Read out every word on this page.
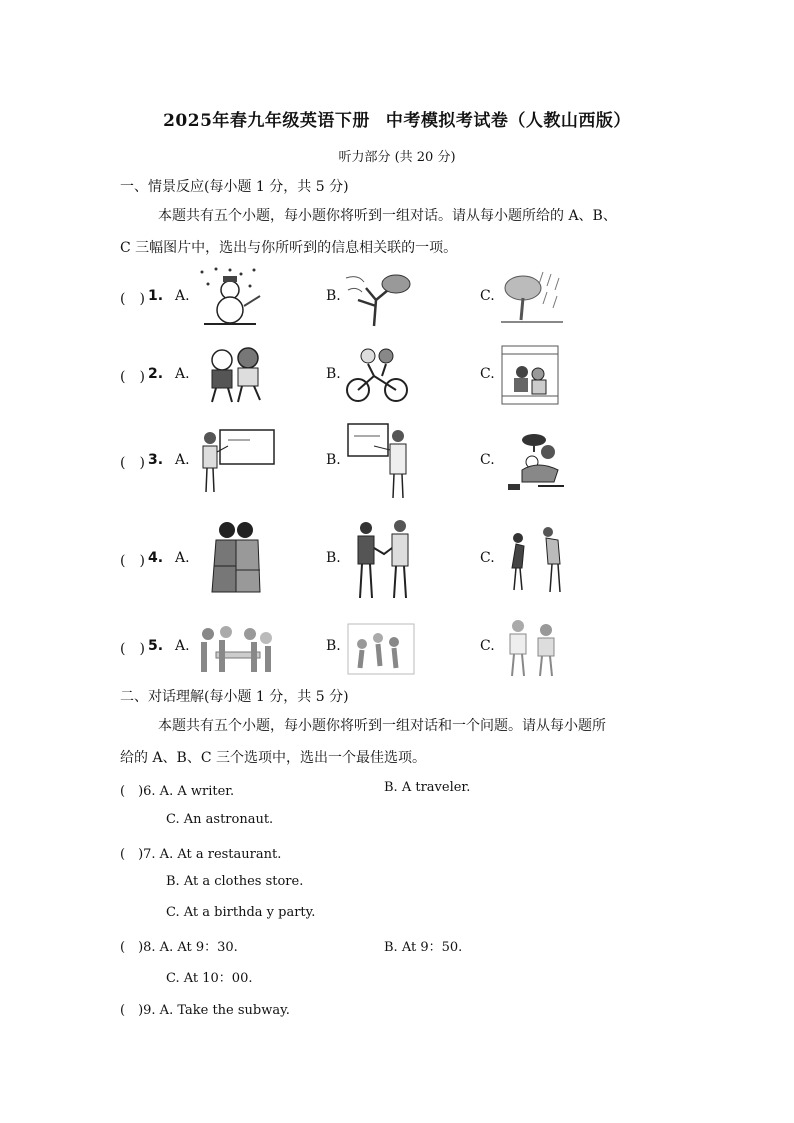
2025年春九年级英语下册 中考模拟考试卷（人教山西版）
听力部分 (共 20 分)
一、情景反应(每小题 1 分，共 5 分)
本题共有五个小题，每小题你将听到一组对话。请从每小题所给的 A、B、
C 三幅图片中，选出与你所听到的信息相关联的一项。
(　) 1. A.	B.	C.
(　) 2. A.	B.	C.
(　) 3. A.	B.	C.
(　) 4. A.	B.	C.
(　) 5. A.	B.	C.
二、对话理解(每小题 1 分，共 5 分)
本题共有五个小题，每小题你将听到一组对话和一个问题。请从每小题所
给的 A、B、C 三个选项中，选出一个最佳选项。
(　)6. A. A writer.	B. A traveler.
C. An astronaut.
(　)7. A. At a restaurant.
B. At a clothes store.
C. At a birthda y party.
(　)8. A. At 9：30.	B. At 9：50.
C. At 10：00.
(　)9. A. Take the subway.
